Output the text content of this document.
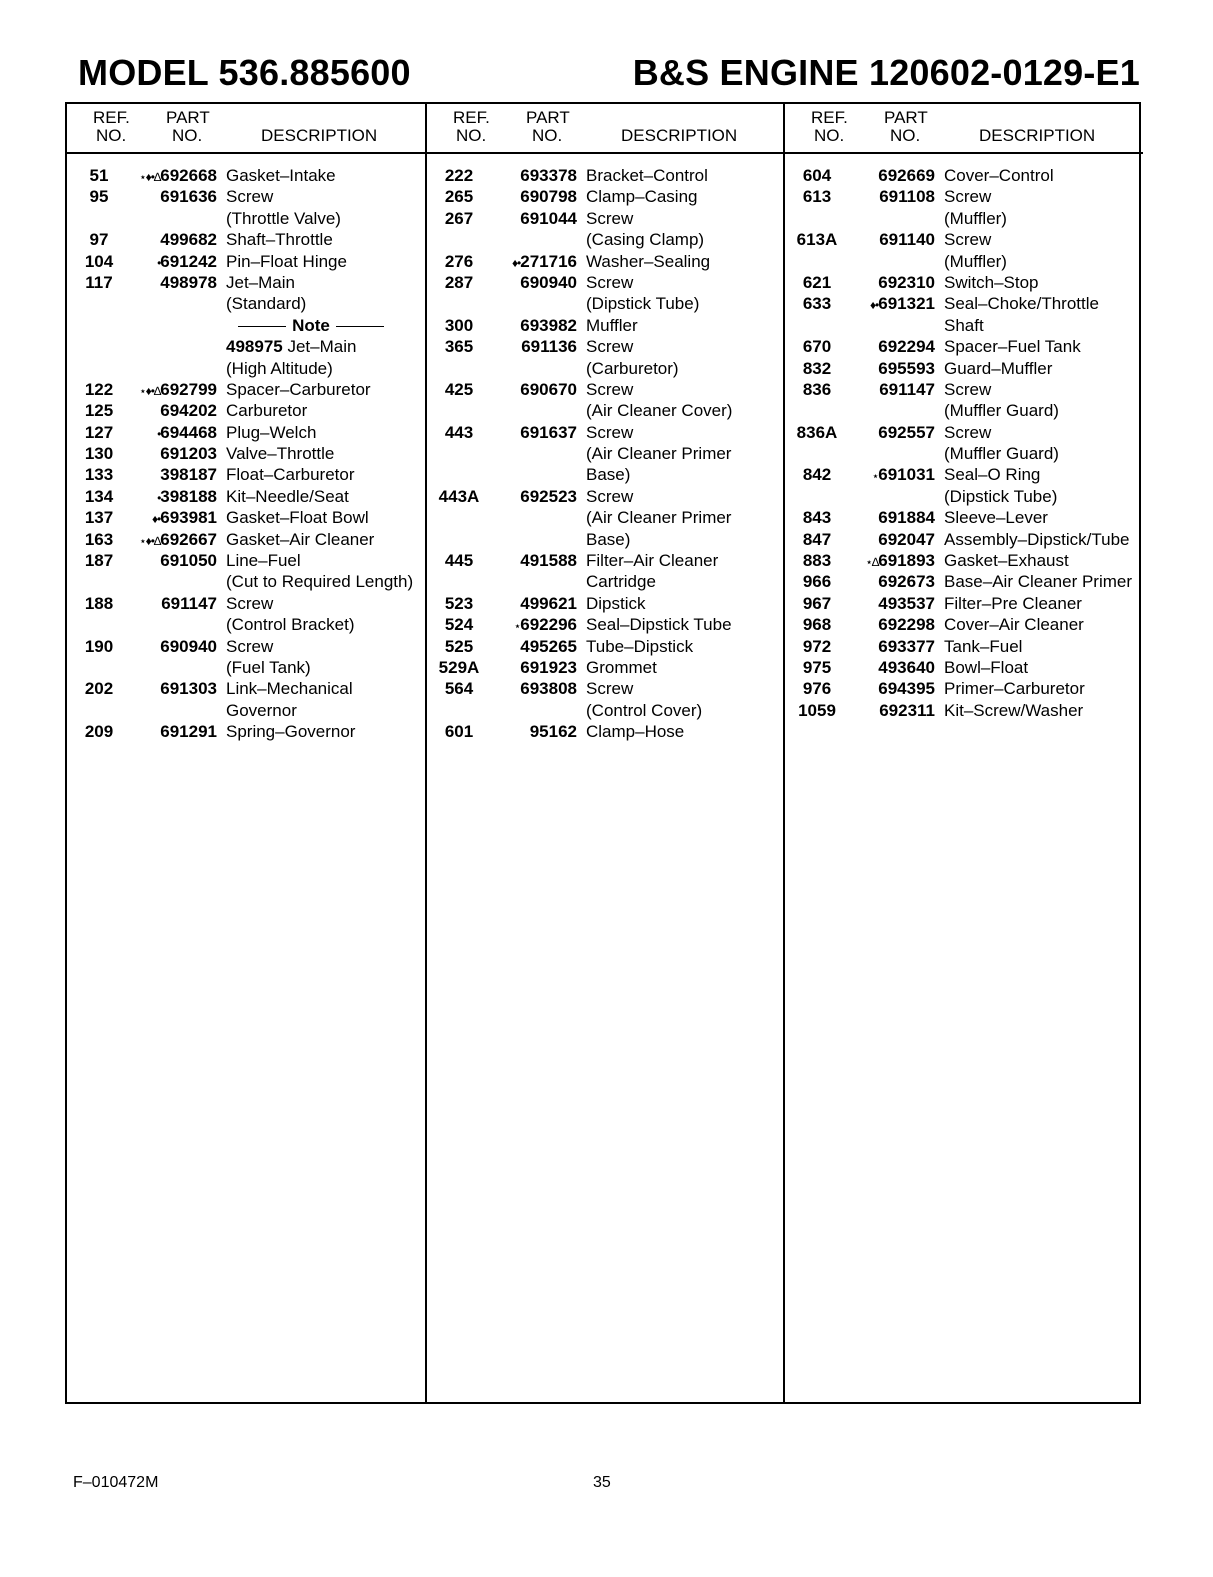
MODEL 536.885600	B&S ENGINE 120602-0129-E1
REF.
NO.
PART
NO.	DESCRIPTION
51	⋆♦•∆692668 Gasket–Intake
95	691636 Screw
(Throttle Valve)
97	499682 Shaft–Throttle
104	•691242 Pin–Float Hinge
117	498978 Jet–Main
(Standard)
Note
498975 Jet–Main
(High Altitude)
122	⋆♦•∆692799 Spacer–Carburetor
125	694202 Carburetor
127	•694468 Plug–Welch
130	691203 Valve–Throttle
133	398187 Float–Carburetor
134	•398188 Kit–Needle/Seat
137	♦•693981 Gasket–Float Bowl
163	⋆♦•∆692667 Gasket–Air Cleaner
187	691050 Line–Fuel
(Cut to Required Length)
188	691147 Screw
(Control Bracket)
190	690940 Screw
(Fuel Tank)
202	691303 Link–Mechanical
Governor
209	691291 Spring–Governor
REF.
NO.
PART
NO.	DESCRIPTION
222	693378 Bracket–Control
265	690798 Clamp–Casing
267	691044 Screw
(Casing Clamp)
276	♦•271716 Washer–Sealing
287	690940 Screw
(Dipstick Tube)
300	693982 Muffler
365	691136 Screw
(Carburetor)
425	690670 Screw
(Air Cleaner Cover)
443	691637 Screw
(Air Cleaner Primer
Base)
443A	692523 Screw
(Air Cleaner Primer
Base)
445	491588 Filter–Air Cleaner
Cartridge
523	499621 Dipstick
524	⋆692296 Seal–Dipstick Tube
525	495265 Tube–Dipstick
529A	691923 Grommet
564	693808 Screw
(Control Cover)
601	95162 Clamp–Hose
REF.
NO.
PART
NO.	DESCRIPTION
604	692669 Cover–Control
613	691108 Screw
(Muffler)
613A	691140 Screw
(Muffler)
621	692310 Switch–Stop
633	♦•691321 Seal–Choke/Throttle
Shaft
670	692294 Spacer–Fuel Tank
832	695593 Guard–Muffler
836	691147 Screw
(Muffler Guard)
836A	692557 Screw
(Muffler Guard)
842	⋆691031 Seal–O Ring
(Dipstick Tube)
843	691884 Sleeve–Lever
847	692047 Assembly–Dipstick/Tube
883	⋆∆691893 Gasket–Exhaust
966	692673 Base–Air Cleaner Primer
967	493537 Filter–Pre Cleaner
968	692298 Cover–Air Cleaner
972	693377 Tank–Fuel
975	493640 Bowl–Float
976	694395 Primer–Carburetor
1059	692311 Kit–Screw/Washer
F–010472M	35
